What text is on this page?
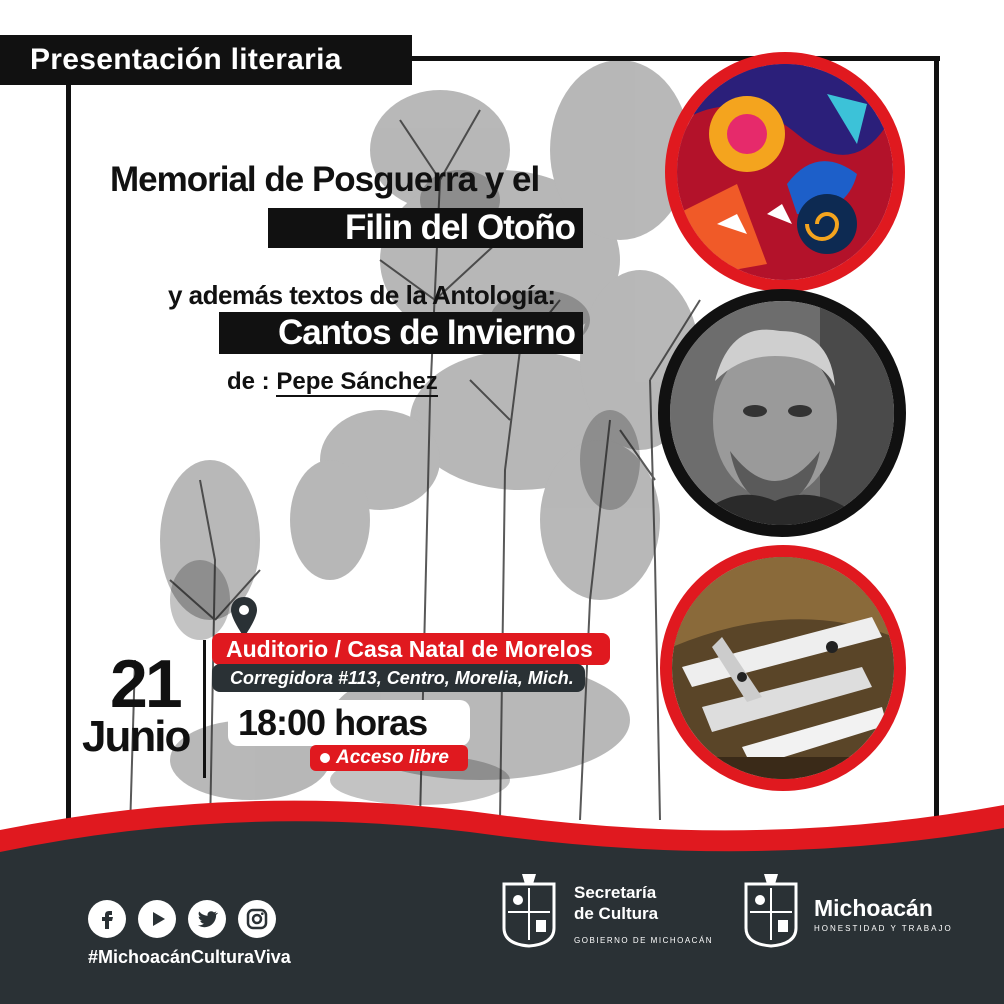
Presentación literaria
Memorial de Posguerra y el
Filin del Otoño
y además textos de la Antología:
Cantos de Invierno
de : Pepe Sánchez
21
Junio
Auditorio / Casa Natal de Morelos
Corregidora #113, Centro, Morelia, Mich.
18:00 horas
Acceso libre
#MichoacánCulturaViva
Secretaría
de Cultura
GOBIERNO DE MICHOACÁN
Michoacán
HONESTIDAD Y TRABAJO
